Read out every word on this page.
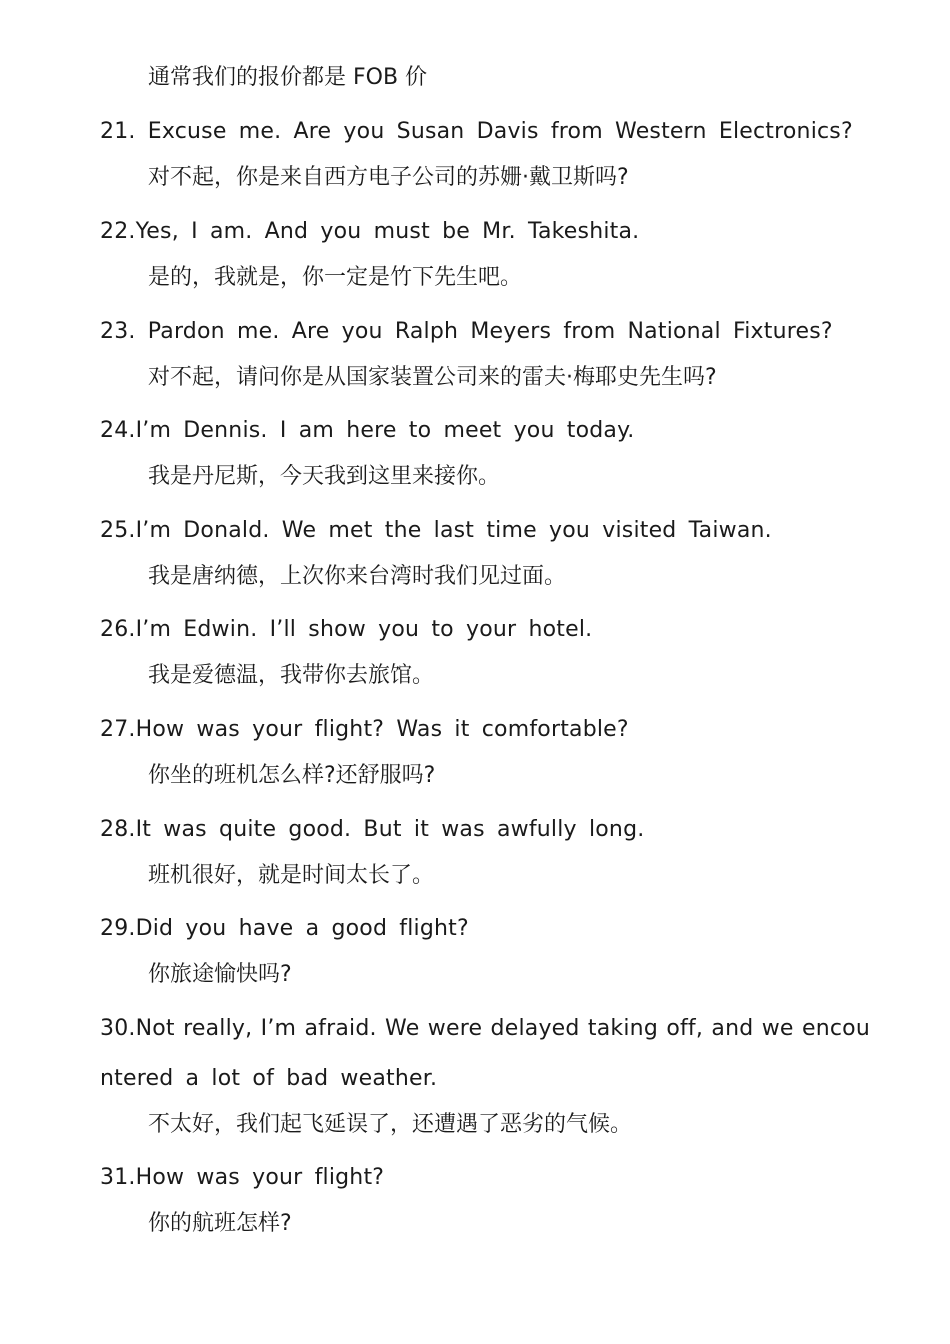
通常我们的报价都是 FOB 价
21. Excuse me. Are you Susan Davis from Western Electronics?
对不起，你是来自西方电子公司的苏姗·戴卫斯吗?
22.Yes, I am. And you must be Mr. Takeshita.
是的，我就是，你一定是竹下先生吧。
23. Pardon me. Are you Ralph Meyers from National Fixtures?
对不起，请问你是从国家装置公司来的雷夫·梅耶史先生吗?
24.I’m Dennis. I am here to meet you today.
我是丹尼斯，今天我到这里来接你。
25.I’m Donald. We met the last time you visited Taiwan.
我是唐纳德，上次你来台湾时我们见过面。
26.I’m Edwin. I’ll show you to your hotel.
我是爱德温，我带你去旅馆。
27.How was your flight? Was it comfortable?
你坐的班机怎么样?还舒服吗?
28.It was quite good. But it was awfully long.
班机很好，就是时间太长了。
29.Did you have a good flight?
你旅途愉快吗?
30.Not really, I’m afraid. We were delayed taking off, and we encou
ntered a lot of bad weather.
不太好，我们起飞延误了，还遭遇了恶劣的气候。
31.How was your flight?
你的航班怎样?
